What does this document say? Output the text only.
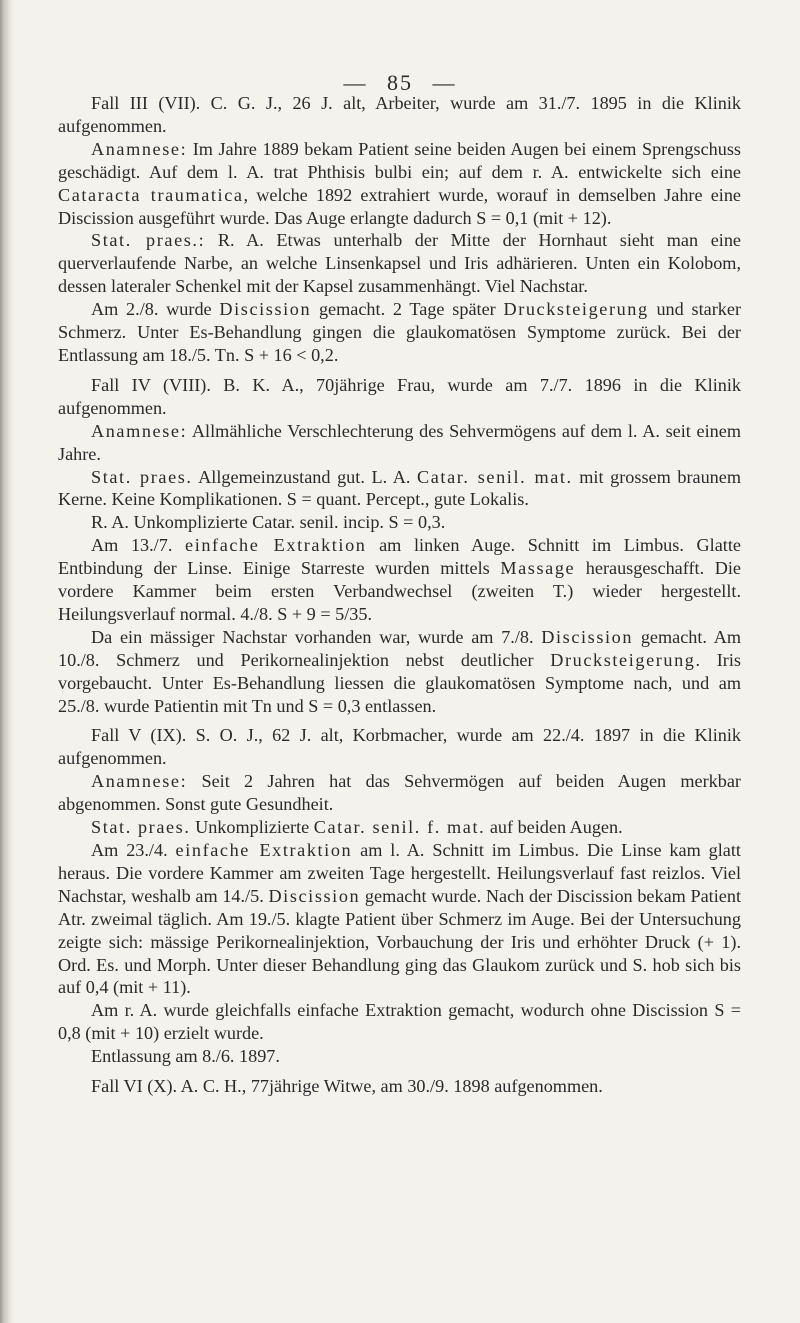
— 85 —

Fall III (VII). C. G. J., 26 J. alt, Arbeiter, wurde am 31./7. 1895 in die Klinik aufgenommen.

Anamnese: Im Jahre 1889 bekam Patient seine beiden Augen bei einem Sprengschuss geschädigt. Auf dem l. A. trat Phthisis bulbi ein; auf dem r. A. entwickelte sich eine Cataracta traumatica, welche 1892 extrahiert wurde, worauf in demselben Jahre eine Discission ausgeführt wurde. Das Auge erlangte dadurch S = 0,1 (mit + 12).

Stat. praes.: R. A. Etwas unterhalb der Mitte der Hornhaut sieht man eine querverlaufende Narbe, an welche Linsenkapsel und Iris adhärieren. Unten ein Kolobom, dessen lateraler Schenkel mit der Kapsel zusammenhängt. Viel Nachstar.

Am 2./8. wurde Discission gemacht. 2 Tage später Drucksteigerung und starker Schmerz. Unter Es-Behandlung gingen die glaukomatösen Symptome zurück. Bei der Entlassung am 18./5. Tn. S + 16 < 0,2.

Fall IV (VIII). B. K. A., 70jährige Frau, wurde am 7./7. 1896 in die Klinik aufgenommen.

Anamnese: Allmähliche Verschlechterung des Sehvermögens auf dem l. A. seit einem Jahre.

Stat. praes. Allgemeinzustand gut. L. A. Catar. senil. mat. mit grossem braunem Kerne. Keine Komplikationen. S = quant. Percept., gute Lokalis.

R. A. Unkomplizierte Catar. senil. incip. S = 0,3.

Am 13./7. einfache Extraktion am linken Auge. Schnitt im Limbus. Glatte Entbindung der Linse. Einige Starreste wurden mittels Massage herausgeschafft. Die vordere Kammer beim ersten Verbandwechsel (zweiten T.) wieder hergestellt. Heilungsverlauf normal. 4./8. S + 9 = 5/35.

Da ein mässiger Nachstar vorhanden war, wurde am 7./8. Discission gemacht. Am 10./8. Schmerz und Perikornealinjektion nebst deutlicher Drucksteigerung. Iris vorgebaucht. Unter Es-Behandlung liessen die glaukomatösen Symptome nach, und am 25./8. wurde Patientin mit Tn und S = 0,3 entlassen.

Fall V (IX). S. O. J., 62 J. alt, Korbmacher, wurde am 22./4. 1897 in die Klinik aufgenommen.

Anamnese: Seit 2 Jahren hat das Sehvermögen auf beiden Augen merkbar abgenommen. Sonst gute Gesundheit.

Stat. praes. Unkomplizierte Catar. senil. f. mat. auf beiden Augen.

Am 23./4. einfache Extraktion am l. A. Schnitt im Limbus. Die Linse kam glatt heraus. Die vordere Kammer am zweiten Tage hergestellt. Heilungsverlauf fast reizlos. Viel Nachstar, weshalb am 14./5. Discission gemacht wurde. Nach der Discission bekam Patient Atr. zweimal täglich. Am 19./5. klagte Patient über Schmerz im Auge. Bei der Untersuchung zeigte sich: mässige Perikornealinjektion, Vorbauchung der Iris und erhöhter Druck (+ 1). Ord. Es. und Morph. Unter dieser Behandlung ging das Glaukom zurück und S. hob sich bis auf 0,4 (mit + 11).

Am r. A. wurde gleichfalls einfache Extraktion gemacht, wodurch ohne Discission S = 0,8 (mit + 10) erzielt wurde.

Entlassung am 8./6. 1897.

Fall VI (X). A. C. H., 77jährige Witwe, am 30./9. 1898 aufgenommen.
